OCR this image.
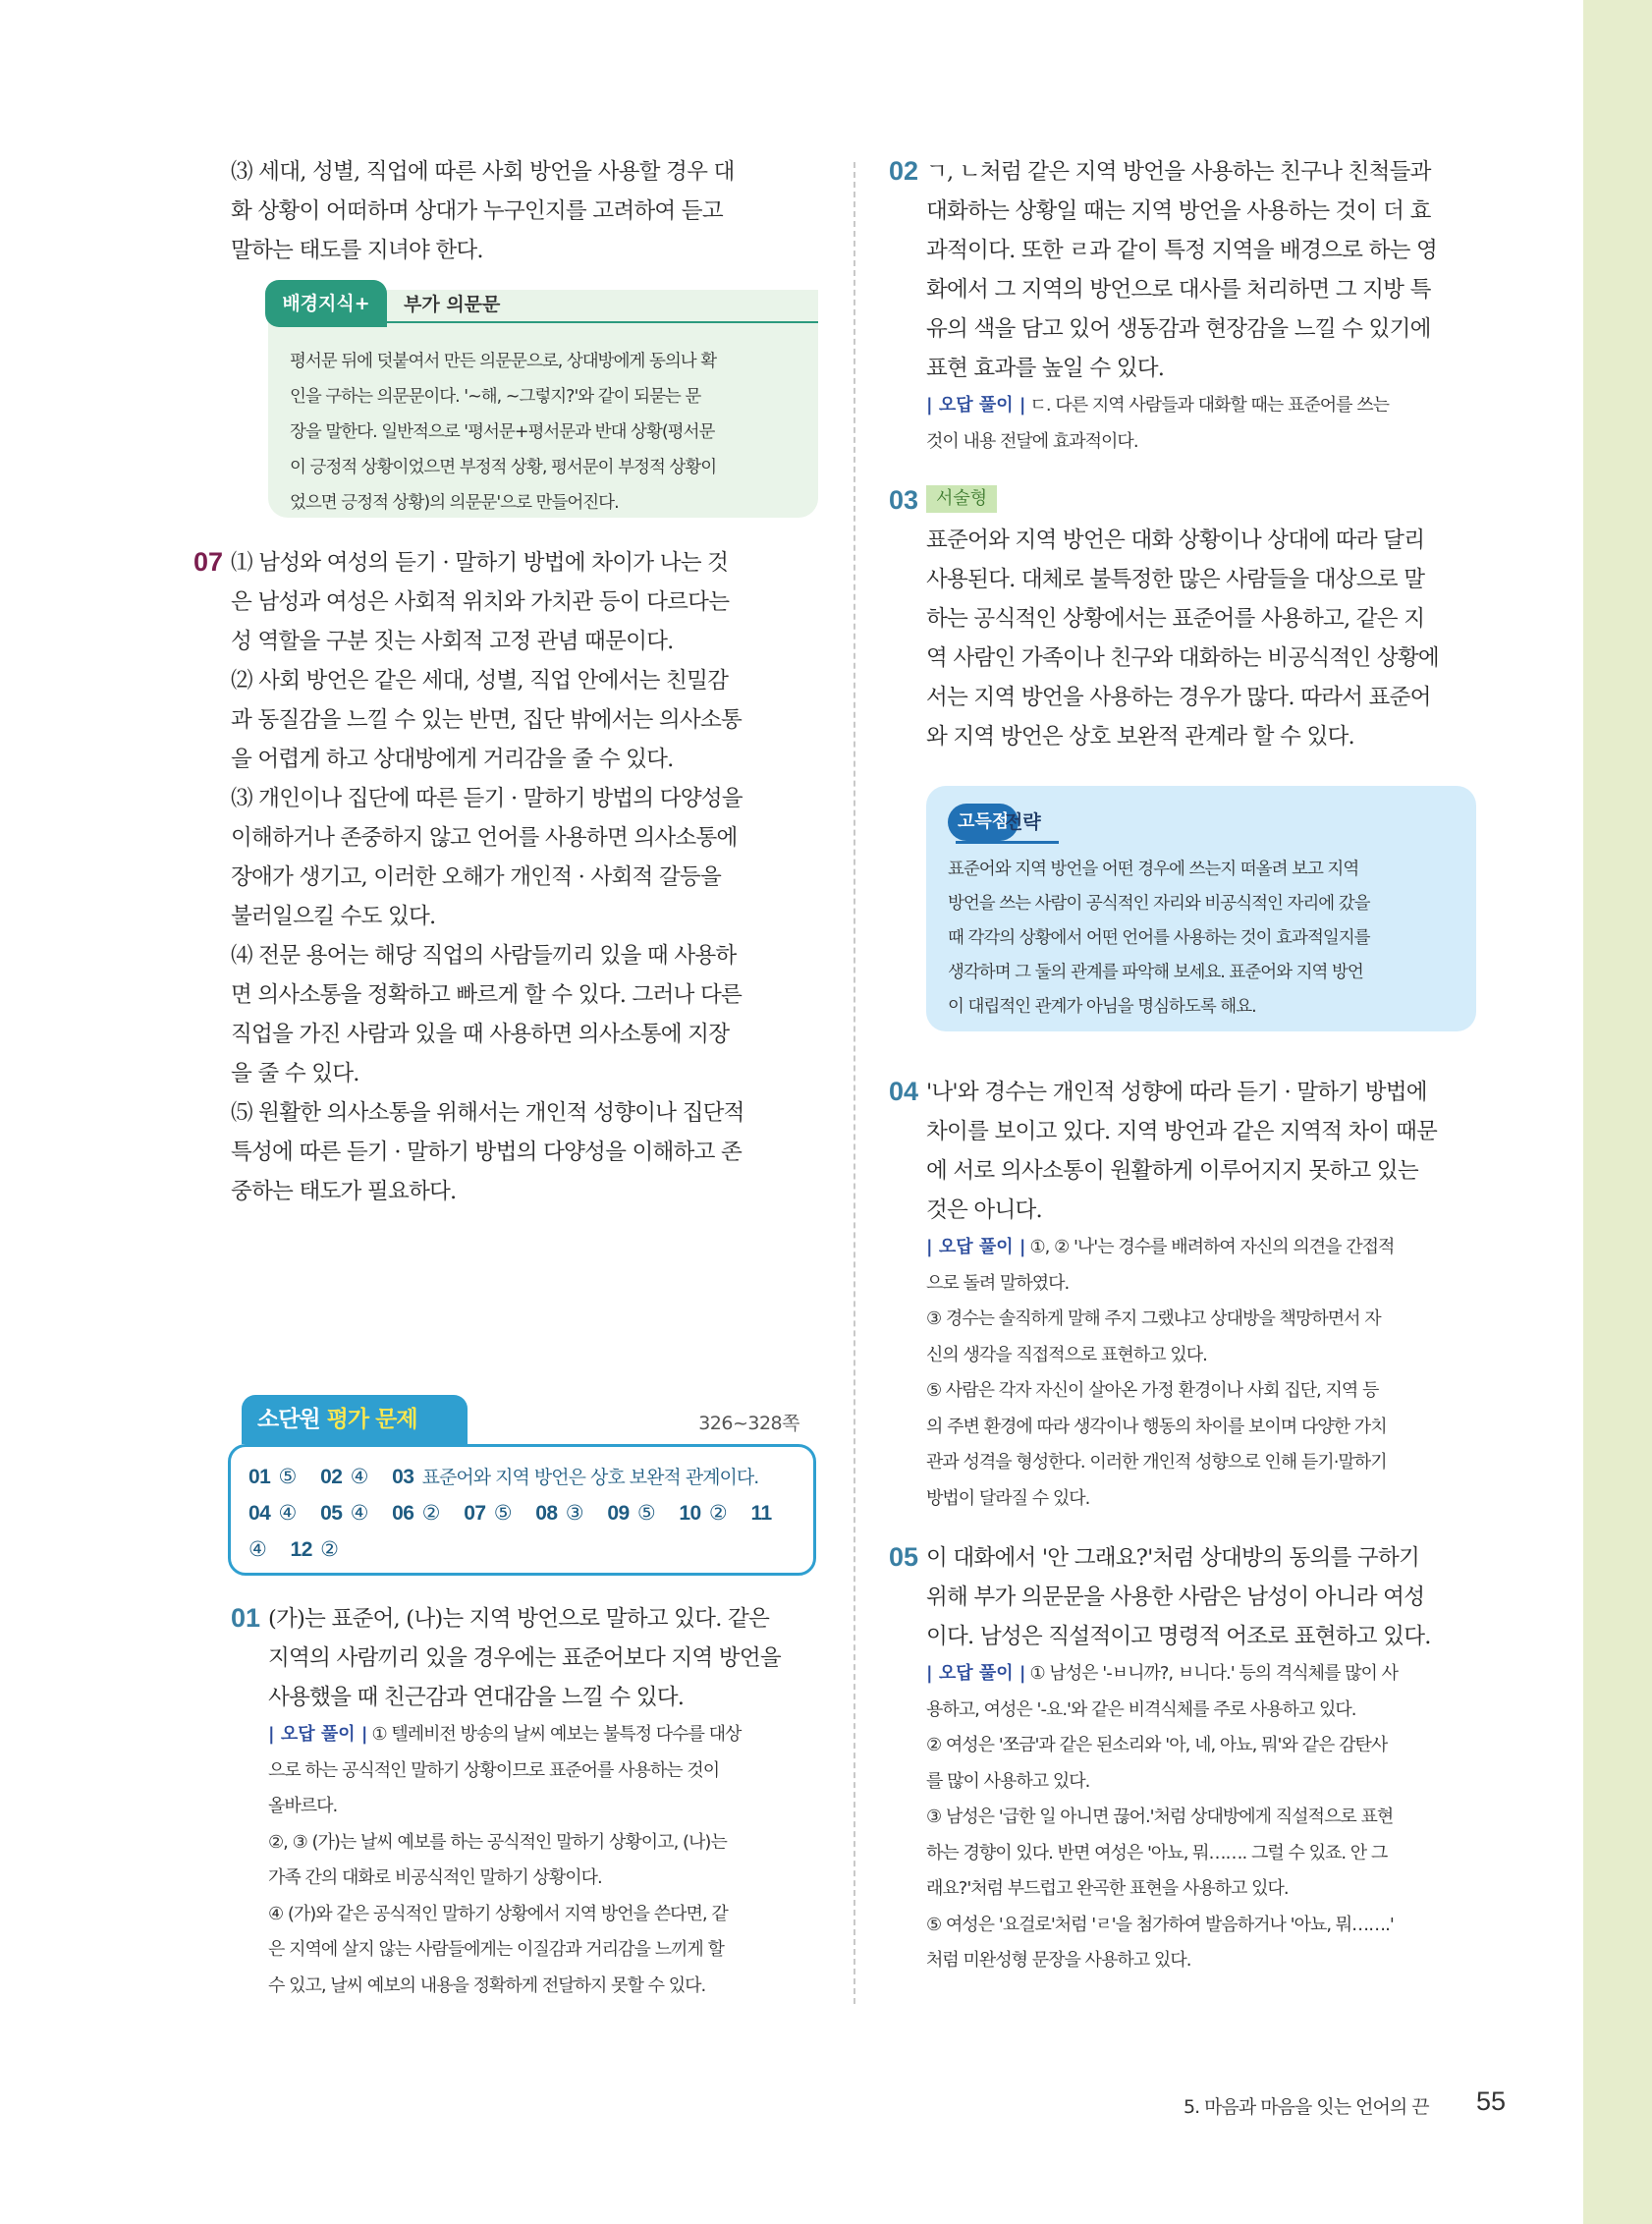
⑶ 세대, 성별, 직업에 따른 사회 방언을 사용할 경우 대
화 상황이 어떠하며 상대가 누구인지를 고려하여 듣고
말하는 태도를 지녀야 한다.
배경지식+	부가 의문문
평서문 뒤에 덧붙여서 만든 의문문으로, 상대방에게 동의나 확
인을 구하는 의문문이다. '~해, ~그렇지?'와 같이 되묻는 문
장을 말한다. 일반적으로 '평서문+평서문과 반대 상황(평서문
이 긍정적 상황이었으면 부정적 상황, 평서문이 부정적 상황이
었으면 긍정적 상황)의 의문문'으로 만들어진다.
07 ⑴ 남성와 여성의 듣기 · 말하기 방법에 차이가 나는 것
은 남성과 여성은 사회적 위치와 가치관 등이 다르다는
성 역할을 구분 짓는 사회적 고정 관념 때문이다.
⑵ 사회 방언은 같은 세대, 성별, 직업 안에서는 친밀감
과 동질감을 느낄 수 있는 반면, 집단 밖에서는 의사소통
을 어렵게 하고 상대방에게 거리감을 줄 수 있다.
⑶ 개인이나 집단에 따른 듣기 · 말하기 방법의 다양성을
이해하거나 존중하지 않고 언어를 사용하면 의사소통에
장애가 생기고, 이러한 오해가 개인적 · 사회적 갈등을
불러일으킬 수도 있다.
⑷ 전문 용어는 해당 직업의 사람들끼리 있을 때 사용하
면 의사소통을 정확하고 빠르게 할 수 있다. 그러나 다른
직업을 가진 사람과 있을 때 사용하면 의사소통에 지장
을 줄 수 있다.
⑸ 원활한 의사소통을 위해서는 개인적 성향이나 집단적
특성에 따른 듣기 · 말하기 방법의 다양성을 이해하고 존
중하는 태도가 필요하다.
소단원 평가 문제	326~328쪽
01 ⑤ 02 ④ 03 표준어와 지역 방언은 상호 보완적 관계이다.
04 ④ 05 ④ 06 ② 07 ⑤ 08 ③ 09 ⑤ 10 ② 11
④ 12 ②
01 (가)는 표준어, (나)는 지역 방언으로 말하고 있다. 같은
지역의 사람끼리 있을 경우에는 표준어보다 지역 방언을
사용했을 때 친근감과 연대감을 느낄 수 있다.
| 오답 풀이 | ① 텔레비전 방송의 날씨 예보는 불특정 다수를 대상
으로 하는 공식적인 말하기 상황이므로 표준어를 사용하는 것이
올바르다.
②, ③ (가)는 날씨 예보를 하는 공식적인 말하기 상황이고, (나)는
가족 간의 대화로 비공식적인 말하기 상황이다.
④ (가)와 같은 공식적인 말하기 상황에서 지역 방언을 쓴다면, 같
은 지역에 살지 않는 사람들에게는 이질감과 거리감을 느끼게 할
수 있고, 날씨 예보의 내용을 정확하게 전달하지 못할 수 있다.
02 ㄱ, ㄴ처럼 같은 지역 방언을 사용하는 친구나 친척들과
대화하는 상황일 때는 지역 방언을 사용하는 것이 더 효
과적이다. 또한 ㄹ과 같이 특정 지역을 배경으로 하는 영
화에서 그 지역의 방언으로 대사를 처리하면 그 지방 특
유의 색을 담고 있어 생동감과 현장감을 느낄 수 있기에
표현 효과를 높일 수 있다.
| 오답 풀이 | ㄷ. 다른 지역 사람들과 대화할 때는 표준어를 쓰는
것이 내용 전달에 효과적이다.
03 서술형
표준어와 지역 방언은 대화 상황이나 상대에 따라 달리
사용된다. 대체로 불특정한 많은 사람들을 대상으로 말
하는 공식적인 상황에서는 표준어를 사용하고, 같은 지
역 사람인 가족이나 친구와 대화하는 비공식적인 상황에
서는 지역 방언을 사용하는 경우가 많다. 따라서 표준어
와 지역 방언은 상호 보완적 관계라 할 수 있다.
고득점
전략
표준어와 지역 방언을 어떤 경우에 쓰는지 떠올려 보고 지역
방언을 쓰는 사람이 공식적인 자리와 비공식적인 자리에 갔을
때 각각의 상황에서 어떤 언어를 사용하는 것이 효과적일지를
생각하며 그 둘의 관계를 파악해 보세요. 표준어와 지역 방언
이 대립적인 관계가 아님을 명심하도록 해요.
04 '나'와 경수는 개인적 성향에 따라 듣기 · 말하기 방법에
차이를 보이고 있다. 지역 방언과 같은 지역적 차이 때문
에 서로 의사소통이 원활하게 이루어지지 못하고 있는
것은 아니다.
| 오답 풀이 | ①, ② '나'는 경수를 배려하여 자신의 의견을 간접적
으로 돌려 말하였다.
③ 경수는 솔직하게 말해 주지 그랬냐고 상대방을 책망하면서 자
신의 생각을 직접적으로 표현하고 있다.
⑤ 사람은 각자 자신이 살아온 가정 환경이나 사회 집단, 지역 등
의 주변 환경에 따라 생각이나 행동의 차이를 보이며 다양한 가치
관과 성격을 형성한다. 이러한 개인적 성향으로 인해 듣기·말하기
방법이 달라질 수 있다.
05 이 대화에서 '안 그래요?'처럼 상대방의 동의를 구하기
위해 부가 의문문을 사용한 사람은 남성이 아니라 여성
이다. 남성은 직설적이고 명령적 어조로 표현하고 있다.
| 오답 풀이 | ① 남성은 '-ㅂ니까?, ㅂ니다.' 등의 격식체를 많이 사
용하고, 여성은 '-요.'와 같은 비격식체를 주로 사용하고 있다.
② 여성은 '쪼금'과 같은 된소리와 '아, 네, 아뇨, 뭐'와 같은 감탄사
를 많이 사용하고 있다.
③ 남성은 '급한 일 아니면 끊어.'처럼 상대방에게 직설적으로 표현
하는 경향이 있다. 반면 여성은 '아뇨, 뭐……. 그럴 수 있죠. 안 그
래요?'처럼 부드럽고 완곡한 표현을 사용하고 있다.
⑤ 여성은 '요걸로'처럼 'ㄹ'을 첨가하여 발음하거나 '아뇨, 뭐…….'
처럼 미완성형 문장을 사용하고 있다.
5. 마음과 마음을 잇는 언어의 끈 55
